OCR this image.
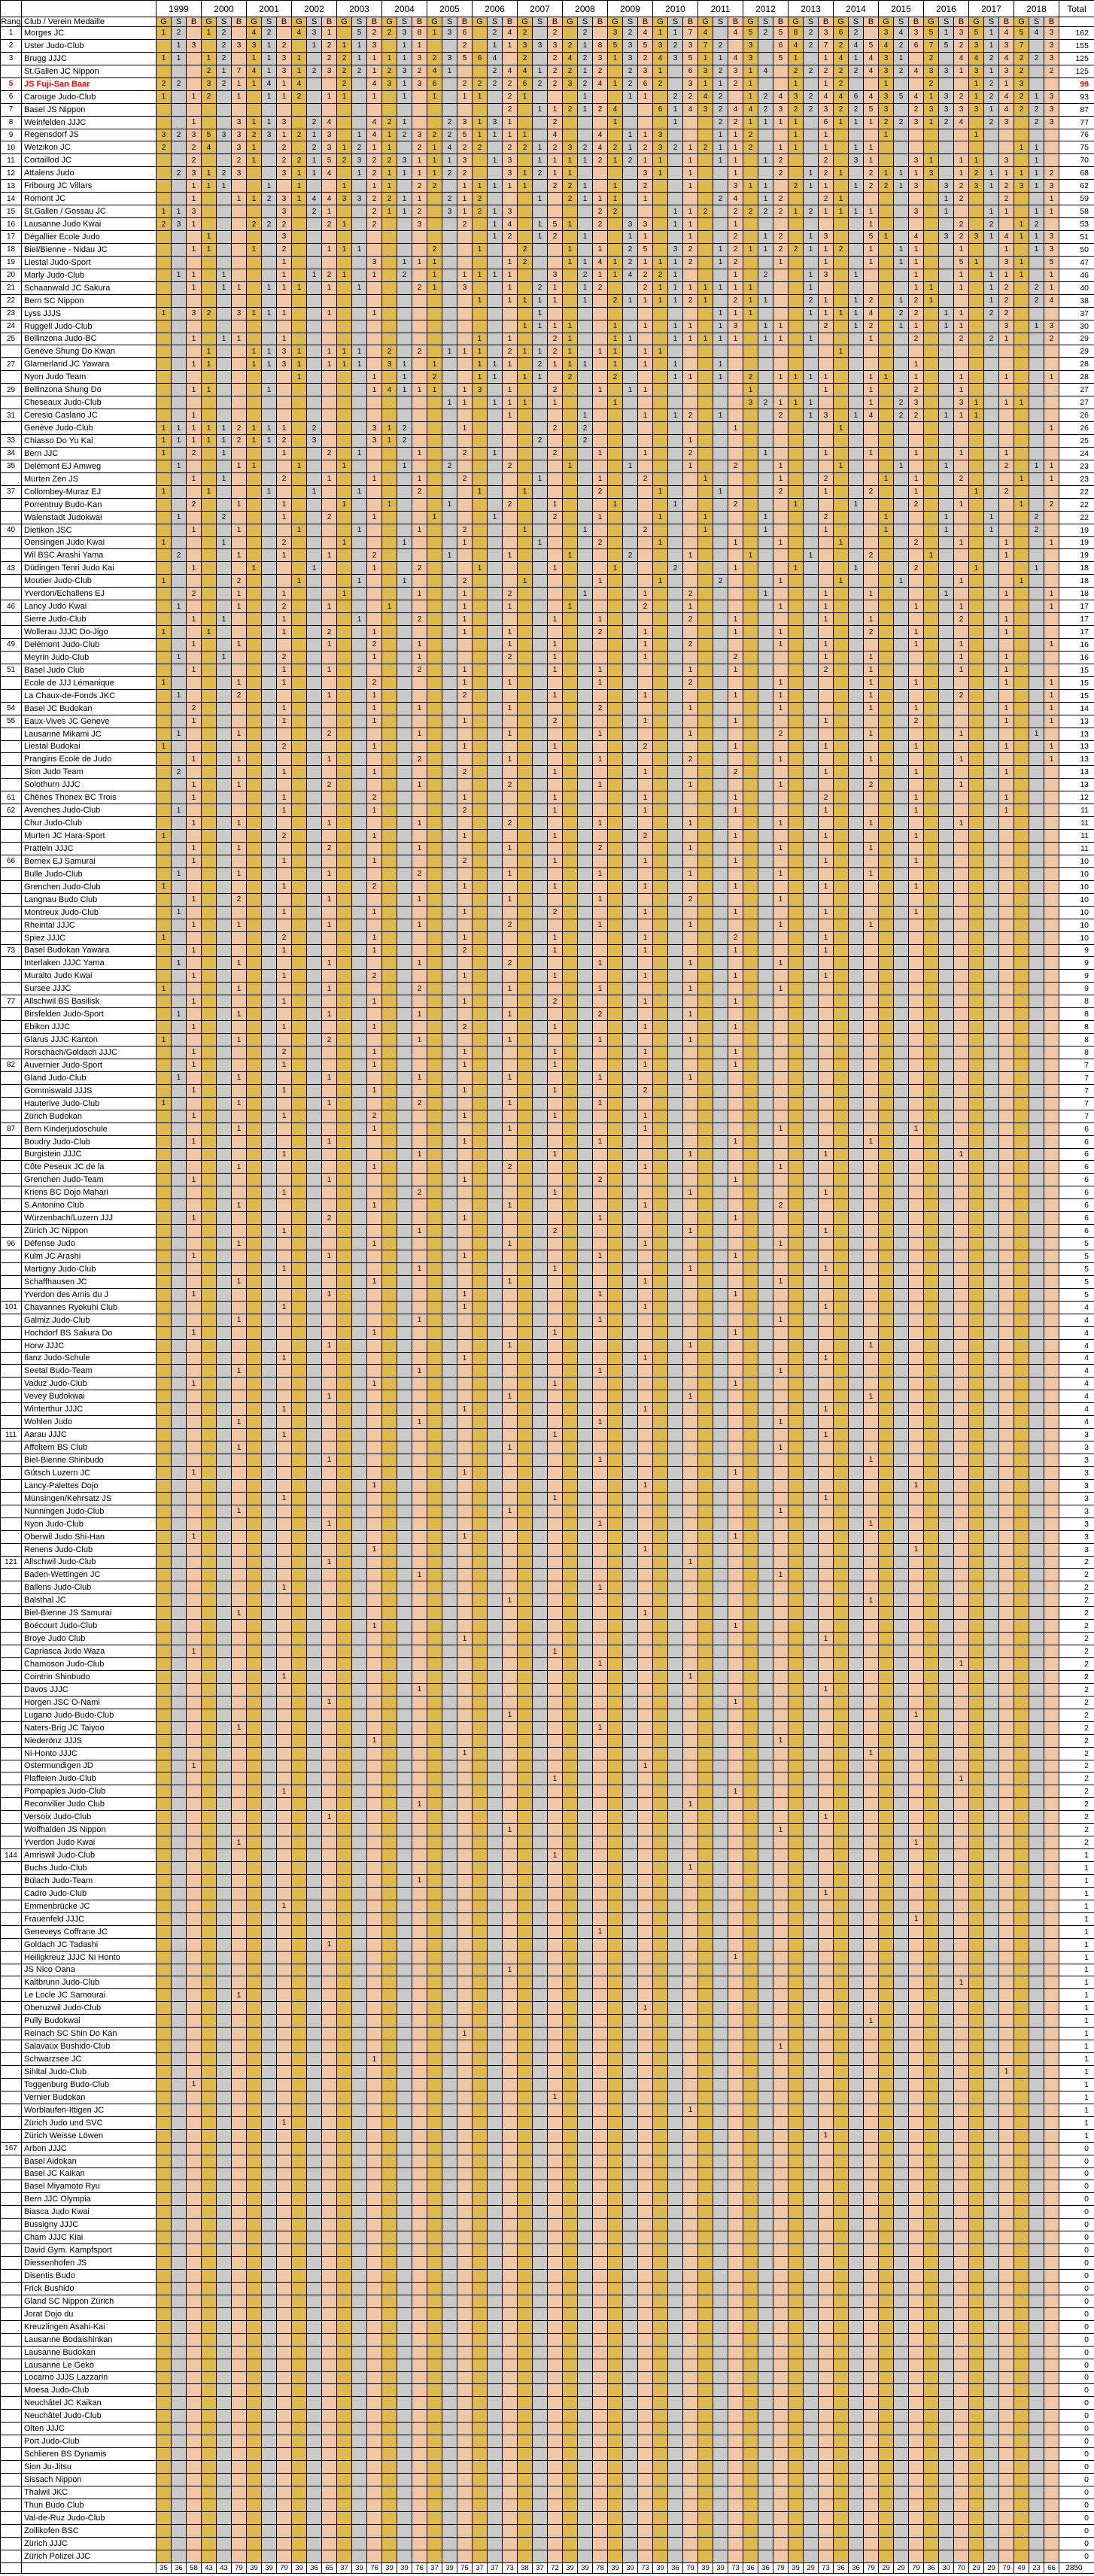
		1999			2000			2001			2002			2003			2004			2005			2006			2007			2008			2009			2010			2011			2012			2013			2014			2015			2016			2017			2018			Total
Rang	Club / Verein Medaille	G	S	B	G	S	B	G	S	B	G	S	B	G	S	B	G	S	B	G	S	B	G	S	B	G	S	B	G	S	B	G	S	B	G	S	B	G	S	B	G	S	B	G	S	B	G	S	B	G	S	B	G	S	B	G	S	B	G	S	B	
1	Morges JC	1	2		1	2		4	2		4	3	1		5	2	2	3	8	1	3	6		2	4	2		2		2		3	2	4	1	1	7	4		4	5	2	5	8	2	3	6	2		3	4	3	5	1	3	5	1	4	5	4	3	162
2	Uster Judo-Club		1	3		2	3	3	1	2		1	2	1	1	3		1	1			2		1	1	3	3	3	2	1	8	5	3	5	3	2	3	7	2		3		6	4	2	7	2	4	5	4	2	6	7	5	2	3	1	3	7		3	155
3	Brugg JJJC	1	1		1	2		1	1	3	1		2	2	1	1	1	1	3	2	3	5	6	4		2		2	4	2	3	1	3	2	4	3	5	1	1	4	3		5	1		1	4	1	4	3	1		2		4	4	2	4	2	2	3	125
	St.Gallen JC Nippon				2	1	7	4	1	3	1	2	3	2	2	1	2	3	2	4	1			2	4	4	1	2	2	1	2		2	3	1		6	3	2	3	1	4		2	2	2	2	2	4	3	2	4	3	3	1	3	1	3	2		2	125
5	JS Fuji-San Baar	2	2		3	2	1	1	4	1	4			2		4	3	1	3	6		2	2	2	2	6	2	2	3	2	4	1	2	6	2		3	1	1	2	1			1		1	2			1			2			1	2	1	3			99
6	Carouge Judo-Club	1		1	2		1		1	1	2		1	1		1		1		1		1	1		2	1				1			1	1		2	2	4	2		1	2	4	3	2	4	4	6	4	3	5	4	1	3	2	1	2	4	2	1	3	93
7	Basel JS Nippon																								2		1	1	2	1	2	4			6	1	4	3	2	4	4	2	3	2	2	3	2	2	5	3		2	3	3	3	3	1	4	2	2	3	87
8	Weinfelden JJJC			1			3	1	1	3		2	4			4	2	1			2	3	1	3	1			2				1				1			2	2	1	1	1	1		6	1	1	1	2	2	3	1	2	4		2	3		2	3	77
9	Regensdorf JS	3	2	3	5	3	3	2	3	1	2	1	3		1	4	1	2	3	2	2	5	1	1	1	1		4			4		1	1	3				1	1	2			1		1				1						1						76
10	Wetzikon JC	2		2	4		3	1		2		2	3	1	2	1	1		2	1	4	2	2		2	2	1	2	3	2	4	2	1	2	3	2	1	2	1	1	2		1	1		1		1	1										1	1		75
11	Cortaillod JC			2			2	1		2	2	1	5	2	3	2	2	3	1	1	1	3		1	3		1	1	1	1	2	1	2	1	1		1		1	1		1	2			2		3	1			3	1		1	1		3		1		70
12	Attalens Judo		2	3	1	2	3			3	1	1	4		1	2	1	1	1	1	2	2			3	1	2	1	1					3	1		1			1			2		1	2	1		2	1	1	1	3		1	2	1	1	1	1	2	68
13	Fribourg JC Villars			1	1	1			1		1			1		1	1		2	2		1	1	1	1	1		2	2	1		1		2			1			3	1	1		2	1	1		1	2	2	1	3		3	2	3	1	2	3	1	3	62
14	Romont JC			1			1	1	2	3	1	4	4	3	3	2	2	1	1		2	1	2				1		2	1	1	1		1					2	4		1	2			2	1							1	2			2			1	59
15	St.Gallen / Gossau JC	1	1	3						3		2	1			2	1	1	2		3	1	2	1	3						2	2				1	1	2		2	2	2	2	1	2	1	1	1	1			3		1			1	1		1	1	58
16	Lausanne Judo Kwai	2	3	1				2	2	2			2	1		2			3			2		1	4		1	5	1		2		3	3		1	1			1									1						2		2		1	2		53
17	Dégallier Ecole Judo				1					3														1	2		1	2		1			1	1			1			2		1	2		1	3			5	1		4		3	2	3	1	4	1	1	3	51
18	Biel/Bienne - Nidau JC			1	1			1		2			1	1	1					2			1			2			1		1		2	5		3	2		1	2	1	1	2	2	1	1	2		1		1	1			1			1		1	3	50
19	Liestal Judo-Sport									1						3		1	1	1					1	2			1	1	4	1	2	1	1	1	2		1	2			1			1			1		1	1			5	1		3	1		5	47
20	Marly Judo-Club		1	1		1				1		1	2	1		1		2		1		1	1	1	1			3		2	1	1	4	2	2	1				1		2			1	3		1				1			1		1	1	1		1	46
21	Schaanwald JC Sakura			1		1	1		1	1	1		1		1				2	1		3			1		2	1		1	2			2	1	1	1	1	1	1	1				1							1	1		1		1	2		2	1	40
22	Bern SC Nippon																						1		1	1	1	1		1		2	1	1	1	1	2	1		2	1	1			2	1		1	2		1	2	1				1	2		2	4	38
23	Lyss JJJS	1		3	2		3	1	1	1			1			1											1												1	1	1				1	1	1	1	4		2	2		1	1		2	2				37
24	Ruggell Judo-Club																									1	1	1	1			1		1		1	1		1	3		1	1			2		1	2		1	1		1	1			3		1	3	30
25	Bellinzona Judo-BC			1		1	1			1													1		1			2	1			1	1			1	1	1	1	1		1	1		1				1			2			2		2	1			2	29
	Genève Shung Do Kwan				1			1	1	3	1		1	1	1		2		2		1	1	1		2	1	1	2	1		1	1		1	1												1															29
27	Glarnerland JC Yawara			1	1			1	1	3	1		1	1	1		3	1		1			1	1	1		2	1	1	1		1		1		1			1													1										28
	Nyon Judo Team										1					1		1		2			1	1		1	1		2			2				1	1		1		2		1	1	1	1			1	1		1			1			1			1	28
29	Bellinzona Shung Do			1	1				1							1	4	1	1	1		1	3		1			2			1		1	1							1					1			1			2			1							27
	Cheseaux Judo-Club																				1	1		1	1	1		1				1									3	2	1	1	1				1		2	3			3	1		1	1			27
31	Ceresio Caslano JC			1																					1					1				1		1	2		1				2		1	3		1	4		2	2		1	1	1						26
	Genève Judo-Club	1	1	1	1	1	2	1	1	1		2				3	1	2				1						2		2										1							1														1	26
33	Chiasso Do Yu Kai	1	1	1	1	1	2	1	1	2		3				3	1	2									2			2							1																									25
34	Bern JJC	1		2		1				1			2		1				1			2		1				2			1			1			2					1				1			1			1			1			1				24
35	Delémont EJ Amweg		1				1	1			1			1				1			2				2				1				1				1			2			1				1				1			1				2		1	1	23
	Murten Zen JS			1		1				2			1			1			1			2					1				1			2				1					1			2				1		1			2				1		1	23
37	Collombey-Muraz EJ	1			1				1			1			1				2				1			1					2				1				1				2			1			2			1				1		2				22
	Porrentruy Budo-Kan			2			1			1				1			1				1				2			1				1				1				2				1				1				2			1				1		2	22
	Walenstadt Judokwai		1			2				1			2			1				1				1				2			1				1			1				1				2				1				1			1			2		22
40	Dietikon JSC			1			1				1				1				1			2				1				1				2				1				1				1				1				1			1			2		19
	Oensingen Judo Kwai	1				1				2				1				1				1					1				2				1					1			1				1					2			1			1			1	19
	Wil BSC Arashi Yama		2				1			1			1			2					1				1				1				2				1				1				1				2				1					1				19
43	Düdingen Tenri Judo Kai			1				1				1				1			2				1					1				1				2				1				1				1				2				1				1		18
	Moutier Judo-Club	1					2				1				1			1				2				1					1				1				2				1				1				1				1				1			18
	Yverdon/Echallens EJ			2			1			1				1					1			1			2					1				1			2					1				1			1					1				1			1	18
46	Lancy Judo Kwai		1				1			2			1				1					1			1				1					2			1						1			1						1			1						1	17
	Sierre Judo-Club			1		1				1					1				2			1						1			1						2			1						1			1						2			1				17
	Wollerau JJJC Do-Jigo	1			1					1			2			1						1			1						2			1						1			1						2			1						1				17
49	Delémont Judo-Club			1			1						1			2			1						1			1						1			2						1			1						1			1						1	16
	Meyrin Judo-Club		1			1				2						1			1						2			1						1						2						1			1						1			1				16
51	Basel Judo Club			1						1			1						2			1						1			1						1			1						2			1						1			1				15
	Ecole de JJJ Lémanique	1					1			1						2						1			1						1						2						1						1			1						1			1	15
	La Chaux-de-Fonds JKC		1				2						1			1						2						1						1						1			1						1						2						1	15
54	Basel JC Budokan			2						1						1			1						1						2						1						1						1			1						1			1	14
55	Eaux-Vives JC Geneve			1						1						1						1						2						1						1						1						2						1			1	13
	Lausanne Mikami JC		1				1						2						1						1						1						1						2						1						1					1		13
	Liestal Budokai	1								2						1						1						1						2						1						1						1						1			1	13
	Prangins Ecole de Judo			1			1						1						2						1						1						2						1						1						1						1	13
	Sion Judo Team		2							1						1						2						1						1						2						1						1						1				13
	Solothurn JJJC			1			1						2						1						2						1						1						1						2						1							13
61	Chênes Thonex BC Trois			1						1						2						1						1						1						1						2						1						1				12
62	Avenches Judo-Club		1							1						1						2						1						1						1						1						1						1				11
	Chur Judo-Club			1			1						1						1						2						1						1						1						1						1							11
	Murten JC Hara-Sport	1								2						1						1						1						2						1						1						1										11
	Pratteln JJJC			1			1						2						1						1						2						1						1						1													11
66	Bernex EJ Samurai			1						1						1						2						1						1						1						1						1										10
	Bulle Judo-Club		1				1						1						2						1						1						1						1						1													10
	Grenchen Judo-Club	1								1						2						1						1						1						1						1						1										10
	Langnau Budo Club			1			2						1						1						1						1						2						1																			10
	Montreux Judo-Club		1							1						1						1						2						1						1						1						1										10
	Rheintal JJJC			1			1						1						1						2						1						1						1						1													10
	Spiez JJJC	1								2						1						1						1						1						2						1																10
73	Basel Budokan Yawara			1						1						1						2						1						1						1						1																9
	Interlaken JJJC Yama		1				1						1						1						2						1						1						1																			9
	Muralto Judo Kwai			1						1						2						1						1						1						1						1																9
	Sursee JJJC	1					1						1						2						1						1						1						1																			9
77	Allschwil BS Basilisk			1						1						1						1						2						1						1																						8
	Birsfelden Judo-Sport		1				1						1						1						1						2						1																									8
	Ebikon JJJC			1						1						1						2						1						1						1																						8
	Glarus JJJC Kanton	1					1						2						1						1						1						1																									8
	Rorschach/Goldach JJJC			1						2						1						1						1						1						1																						8
82	Auvernier Judo-Sport			1						1						1						1						1						1						1																						7
	Gland Judo-Club		1				1						1						1						1						1						1																									7
	Gommiswald JJJS			1						1						1						1						1						2																												7
	Hauterive Judo-Club	1					1						1						2						1						1																															7
	Zürich Budokan			1						1						2						1						1						1																												7
87	Bern Kinderjudoschule						1									1									1									1									1									1										6
	Boudry Judo-Club			1									1									1									1									1									1													6
	Burgistein JJJC									1									1									1									1									1									1							6
	Côte Peseux JC de la						1									1									2									1									1																			6
	Grenchen Judo-Team			1									1									1									2									1																						6
	Kriens BC Dojo Mahari									1									2									1									1									1																6
	S.Antonino Club						1									1									1									1									2																			6
	Würzenbach/Luzern JJJ			1									2									1									1									1																						6
	Zürich JC Nippon									1									1									2									1									1																6
96	Défense Judo						1									1									1									1									1																			5
	Kulm JC Arashi			1									1									1									1									1																						5
	Martigny Judo-Club									1									1									1									1									1																5
	Schaffhausen JC						1									1									1									1									1																			5
	Yverdon des Amis du J			1									1									1									1									1																						5
101	Chavannes Ryokuhi Club									1												1												1												1																4
	Galmiz Judo-Club						1												1												1												1																			4
	Hochdorf BS Sakura Do			1												1												1												1																						4
	Horw JJJC												1												1												1												1													4
	Ilanz Judo-Schule									1												1												1												1																4
	Seetal Budo-Team						1												1												1												1																			4
	Vaduz Judo-Club			1												1												1												1																						4
	Vevey Budokwai												1												1												1												1													4
	Winterthur JJJC									1												1												1												1																4
	Wohlen Judo						1												1												1												1																			4
111	Aarau JJJC									1																		1																		1																3
	Affoltern BS Club						1																		1																		1																			3
	Biel-Bienne Shinbudo												1																		1																		1													3
	Gütsch Luzern JC			1																		1																		1																						3
	Lancy-Palettes Dojo															1																		1																		1										3
	Münsingen/Kehrsatz JS									1																		1																		1																3
	Nunningen Judo-Club						1																		1																		1																			3
	Nyon Judo-Club												1																		1																		1													3
	Oberwil Judo Shi-Han			1																		1																		1																						3
	Renens Judo-Club															1																		1																		1										3
121	Allschwil Judo-Club												1																								1																									2
	Baden-Wettingen JC																		1																								1																			2
	Ballens Judo-Club									1																					1																															2
	Balsthal JC																								1																								1													2
	Biel-Bienne JS Samurai						1																											1																												2
	Boécourt Judo-Club															1																								1																						2
	Broye Judo Club																					1																								1																2
	Capriasca Judo Waza			1																								1																																		2
	Chamoson Judo-Club																														1																								1							2
	Cointrin Shinbudo									1																											1																									2
	Davos JJJC																		1																											1																2
	Horgen JSC O-Nami												1																											1																						2
	Lugano Judo-Budo-Club																								1																											1										2
	Naters-Brig JC Taiyoo						1																								1																															2
	Niederönz JJJS															1																											1																			2
	Ni-Honto JJJC																					1																											1													2
	Ostermundigen JD			1																														1																												2
	Plaffeien Judo-Club																											1																											1							2
	Pompaples Judo-Club									1																														1																						2
	Reconvilier Judo Club																		1																		1																									2
	Versoix Judo-Club												1																																	1																2
	Wolfhalden JS Nippon																								1																		1																			2
	Yverdon Judo Kwai						1																																													1										2
144	Amriswil Judo-Club																											1																																		1
	Buchs Judo-Club																																				1																									1
	Bülach Judo-Team																		1																																											1
	Cadro Judo-Club																																													1																1
	Emmenbrücke JC									1																																																				1
	Frauenfeld JJJC																																																			1										1
	Geneveys Coffrane JC																														1																															1
	Goldach JC Tadashi												1																																																	1
	Heiligkreuz JJJC Ni Honto																																							1																						1
	JS Nico Oana																								1																																					1
	Kaltbrunn Judo-Club																																																						1							1
	Le Locle JC Samourai						1																																																							1
	Oberuzwil Judo-Club																																	1																												1
	Pully Budokwai																																																1													1
	Reinach SC Shin Do Kan																					1																																								1
	Salavaux Bushido-Club																																										1																			1
	Schwarzsee JC															1																																														1
	Sihltal Judo-Club																																																									1				1
	Toggenburg Budo-Club			1																																																										1
	Vernier Budokan																											1																																		1
	Worblaufen-Ittigen JC																																				1																									1
	Zürich Judo und SVC									1																																																				1
	Zürich Weisse Löwen																																													1																1
167	Arbon JJJC																																																													0
	Basel Aidokan																																																													0
	Basel JC Kaikan																																																													0
	Basel Miyamoto Ryu																																																													0
	Bern JJC Olympia																																																													0
	Biasca Judo Kwai																																																													0
	Bussigny JJJC																																																													0
	Cham JJJC Kiai																																																													0
	David Gym. Kampfsport																																																													0
	Diessenhofen JS																																																													0
	Disentis Budo																																																													0
	Frick Bushido																																																													0
	Gland SC Nippon Zürich																																																													0
	Jorat Dojo du																																																													0
	Kreuzlingen Asahi-Kai																																																													0
	Lausanne Bodaishinkan																																																													0
	Lausanne Budokan																																																													0
	Lausanne Le Geko																																																													0
	Locarno JJJS Lazzarin																																																													0
	Moesa Judo-Club																																																													0
	Neuchâtel JC Kaikan																																																													0
	Neuchâtel Judo-Club																																																													0
	Olten JJJC																																																													0
	Port Judo-Club																																																													0
	Schlieren BS Dynamis																																																													0
	Sion Ju-Jitsu																																																													0
	Sissach Nippon																																																													0
	Thalwil JKC																																																													0
	Thun Budo Club																																																													0
	Val-de-Ruz Judo-Club																																																													0
	Zollikofen BSC																																																													0
	Zürich JJJC																																																													0
	Zürich Polizei JJC																																																													0
		35	36	58	43	43	79	39	39	79	39	36	65	37	39	76	39	39	76	37	39	75	37	37	73	38	37	72	39	39	78	39	39	73	39	36	79	39	39	73	36	36	79	39	29	73	36	36	79	29	29	79	36	30	70	29	29	79	49	23	66	2850
